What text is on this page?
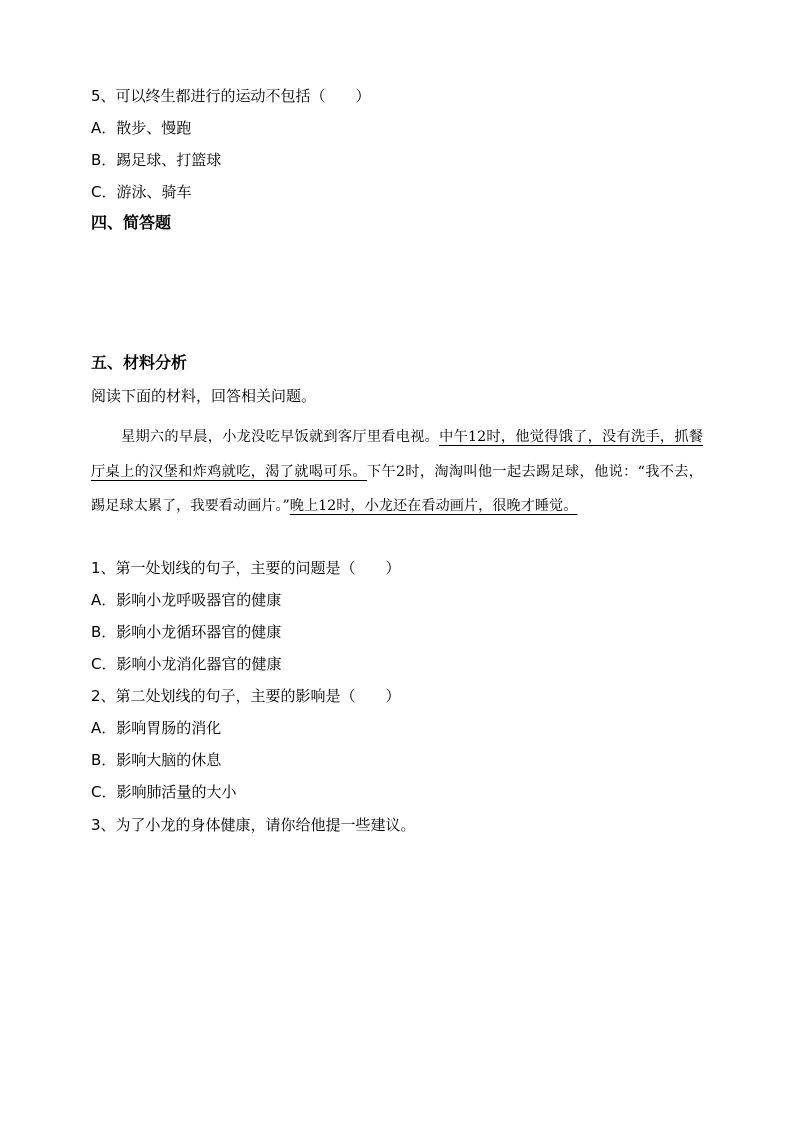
5、可以终生都进行的运动不包括（　　）
A．散步、慢跑
B．踢足球、打篮球
C．游泳、骑车
四、简答题
五、材料分析
阅读下面的材料，回答相关问题。
星期六的早晨，小龙没吃早饭就到客厅里看电视。中午12时，他觉得饿了，没有洗手，抓餐厅桌上的汉堡和炸鸡就吃，渴了就喝可乐。下午2时，淘淘叫他一起去踢足球，他说：“我不去，踢足球太累了，我要看动画片。”晚上12时，小龙还在看动画片，很晚才睡觉。
1、第一处划线的句子，主要的问题是（　　）
A．影响小龙呼吸器官的健康
B．影响小龙循环器官的健康
C．影响小龙消化器官的健康
2、第二处划线的句子，主要的影响是（　　）
A．影响胃肠的消化
B．影响大脑的休息
C．影响肺活量的大小
3、为了小龙的身体健康，请你给他提一些建议。
